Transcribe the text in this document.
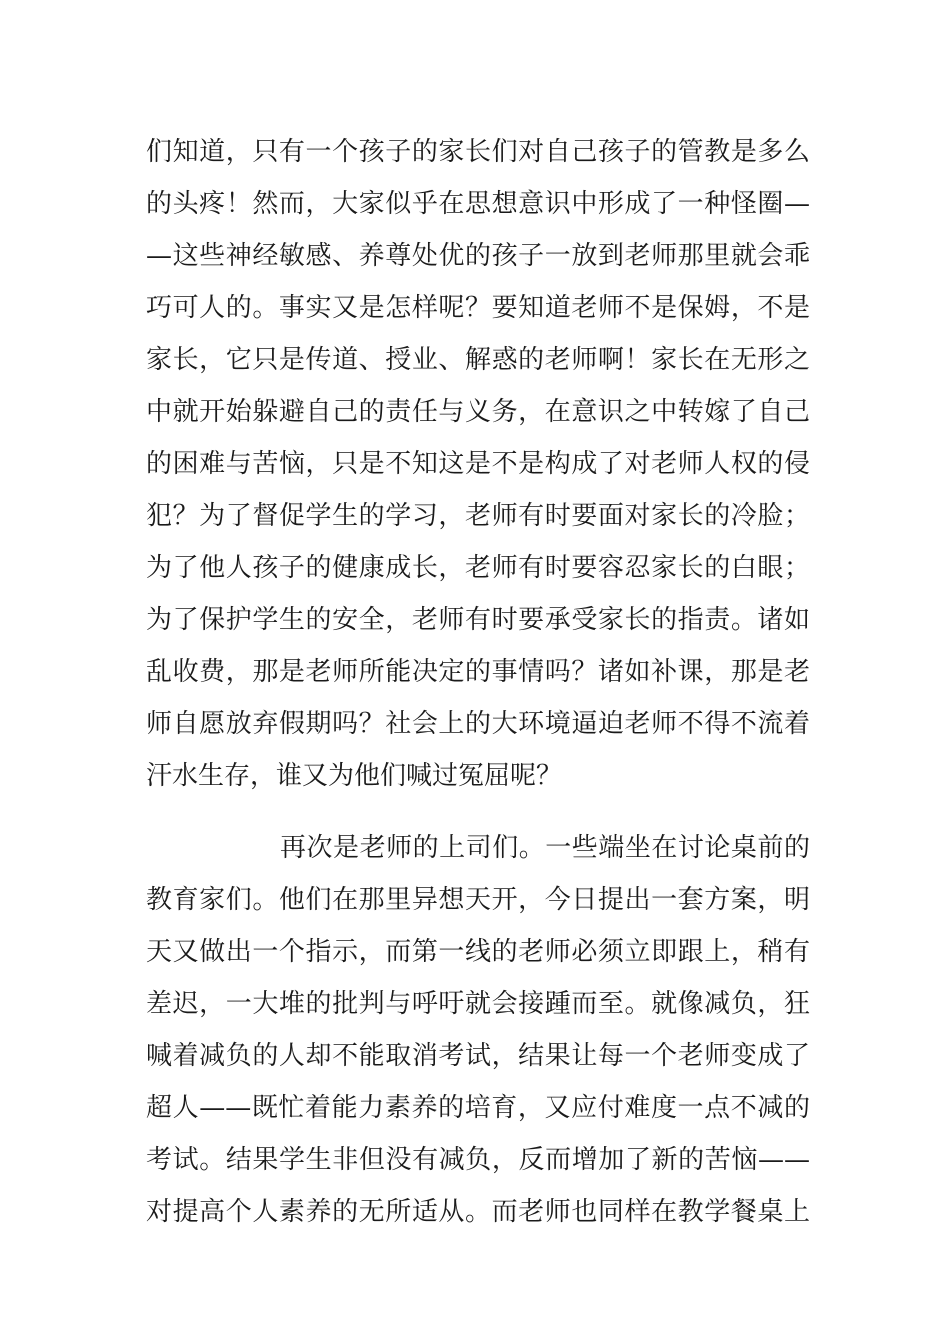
们知道，只有一个孩子的家长们对自己孩子的管教是多么
的头疼！然而，大家似乎在思想意识中形成了一种怪圈—
—这些神经敏感、养尊处优的孩子一放到老师那里就会乖
巧可人的。事实又是怎样呢？要知道老师不是保姆，不是
家长，它只是传道、授业、解惑的老师啊！家长在无形之
中就开始躲避自己的责任与义务，在意识之中转嫁了自己
的困难与苦恼，只是不知这是不是构成了对老师人权的侵
犯？为了督促学生的学习，老师有时要面对家长的冷脸；
为了他人孩子的健康成长，老师有时要容忍家长的白眼；
为了保护学生的安全，老师有时要承受家长的指责。诸如
乱收费，那是老师所能决定的事情吗？诸如补课，那是老
师自愿放弃假期吗？社会上的大环境逼迫老师不得不流着
汗水生存，谁又为他们喊过冤屈呢？
再次是老师的上司们。一些端坐在讨论桌前的
教育家们。他们在那里异想天开，今日提出一套方案，明
天又做出一个指示，而第一线的老师必须立即跟上，稍有
差迟，一大堆的批判与呼吁就会接踵而至。就像减负，狂
喊着减负的人却不能取消考试，结果让每一个老师变成了
超人——既忙着能力素养的培育，又应付难度一点不减的
考试。结果学生非但没有减负，反而增加了新的苦恼——
对提高个人素养的无所适从。而老师也同样在教学餐桌上
